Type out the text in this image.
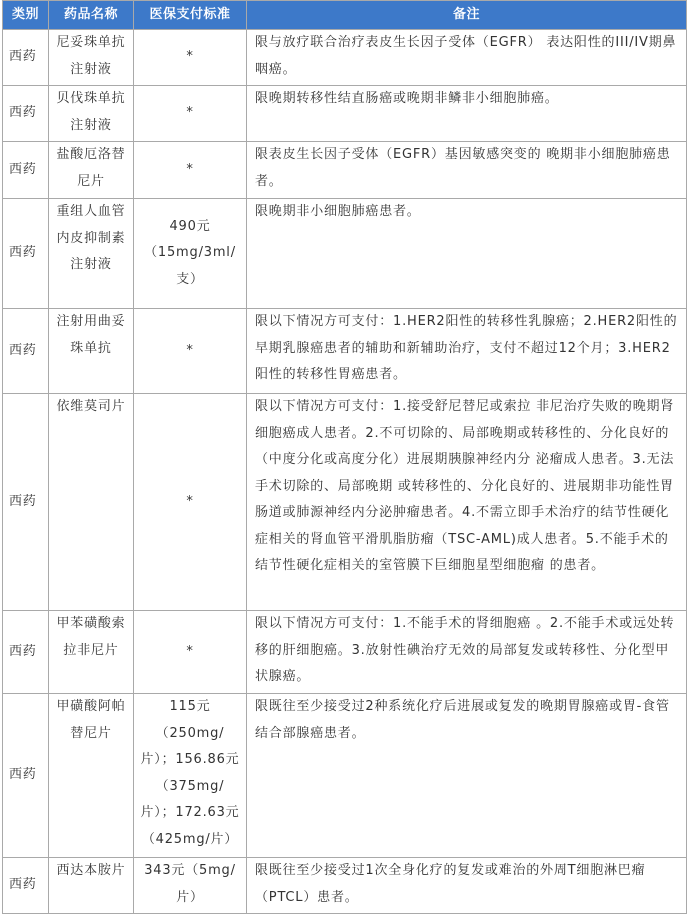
类别	药品名称	医保支付标准	备注
西药	尼妥珠单抗注射液	*	限与放疗联合治疗表皮生长因子受体（EGFR） 表达阳性的III/IV期鼻咽癌。
西药	贝伐珠单抗注射液	*	限晚期转移性结直肠癌或晚期非鳞非小细胞肺癌。
西药	盐酸厄洛替尼片	*	限表皮生长因子受体（EGFR）基因敏感突变的 晚期非小细胞肺癌患者。
西药	重组人血管内皮抑制素注射液	490元（15mg/3ml/支）	限晚期非小细胞肺癌患者。
西药	注射用曲妥珠单抗	*	限以下情况方可支付：1.HER2阳性的转移性乳腺癌；2.HER2阳性的早期乳腺癌患者的辅助和新辅助治疗，支付不超过12个月；3.HER2阳性的转移性胃癌患者。
西药	依维莫司片	*	限以下情况方可支付：1.接受舒尼替尼或索拉 非尼治疗失败的晚期肾细胞癌成人患者。2.不可切除的、局部晚期或转移性的、分化良好的 （中度分化或高度分化）进展期胰腺神经内分 泌瘤成人患者。3.无法手术切除的、局部晚期 或转移性的、分化良好的、进展期非功能性胃肠道或肺源神经内分泌肿瘤患者。4.不需立即手术治疗的结节性硬化症相关的肾血管平滑肌脂肪瘤（TSC-AML)成人患者。5.不能手术的结节性硬化症相关的室管膜下巨细胞星型细胞瘤 的患者。
西药	甲苯磺酸索拉非尼片	*	限以下情况方可支付：1.不能手术的肾细胞癌 。2.不能手术或远处转移的肝细胞癌。3.放射性碘治疗无效的局部复发或转移性、分化型甲状腺癌。
西药	甲磺酸阿帕替尼片	115元（250mg/片）；156.86元（375mg/片）；172.63元（425mg/片）	限既往至少接受过2种系统化疗后进展或复发的晚期胃腺癌或胃-食管结合部腺癌患者。
西药	西达本胺片	343元（5mg/片）	限既往至少接受过1次全身化疗的复发或难治的外周T细胞淋巴瘤（PTCL）患者。
